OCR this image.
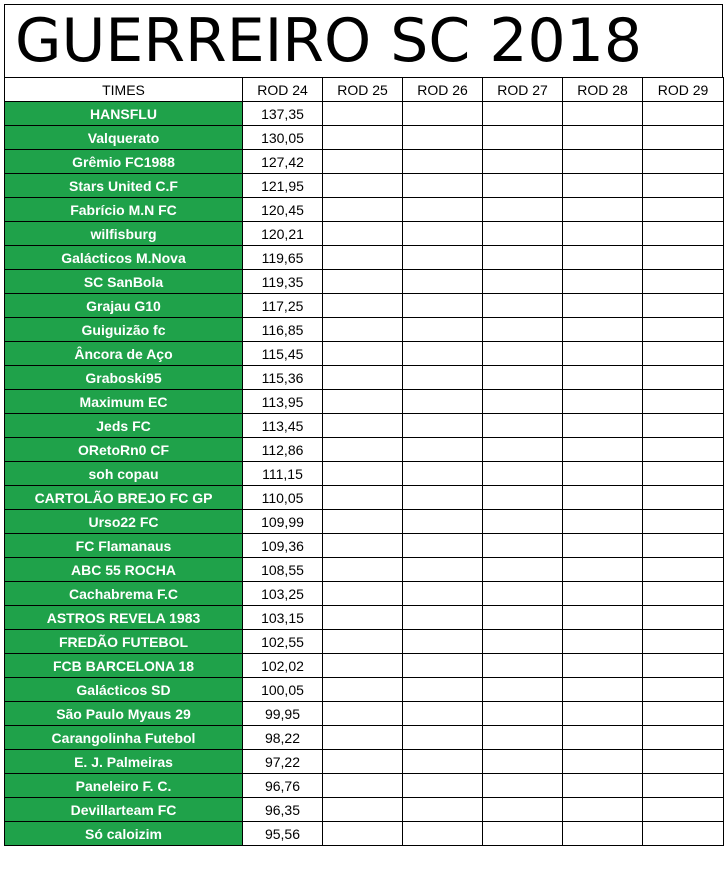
GUERREIRO SC 2018
TIMES	ROD 24	ROD 25	ROD 26	ROD 27	ROD 28	ROD 29
HANSFLU	137,35					
Valquerato	130,05					
Grêmio FC1988	127,42					
Stars United C.F	121,95					
Fabrício M.N FC	120,45					
wilfisburg	120,21					
Galácticos M.Nova	119,65					
SC SanBola	119,35					
Grajau G10	117,25					
Guiguizão fc	116,85					
Âncora de Aço	115,45					
Graboski95	115,36					
Maximum EC	113,95					
Jeds FC	113,45					
ORetoRn0 CF	112,86					
soh copau	111,15					
CARTOLÃO BREJO FC GP	110,05					
Urso22 FC	109,99					
FC Flamanaus	109,36					
ABC 55 ROCHA	108,55					
Cachabrema F.C	103,25					
ASTROS REVELA 1983	103,15					
FREDÃO FUTEBOL	102,55					
FCB BARCELONA 18	102,02					
Galácticos SD	100,05					
São Paulo Myaus 29	99,95					
Carangolinha Futebol	98,22					
E. J. Palmeiras	97,22					
Paneleiro F. C.	96,76					
Devillarteam FC	96,35					
Só caloizim	95,56					
